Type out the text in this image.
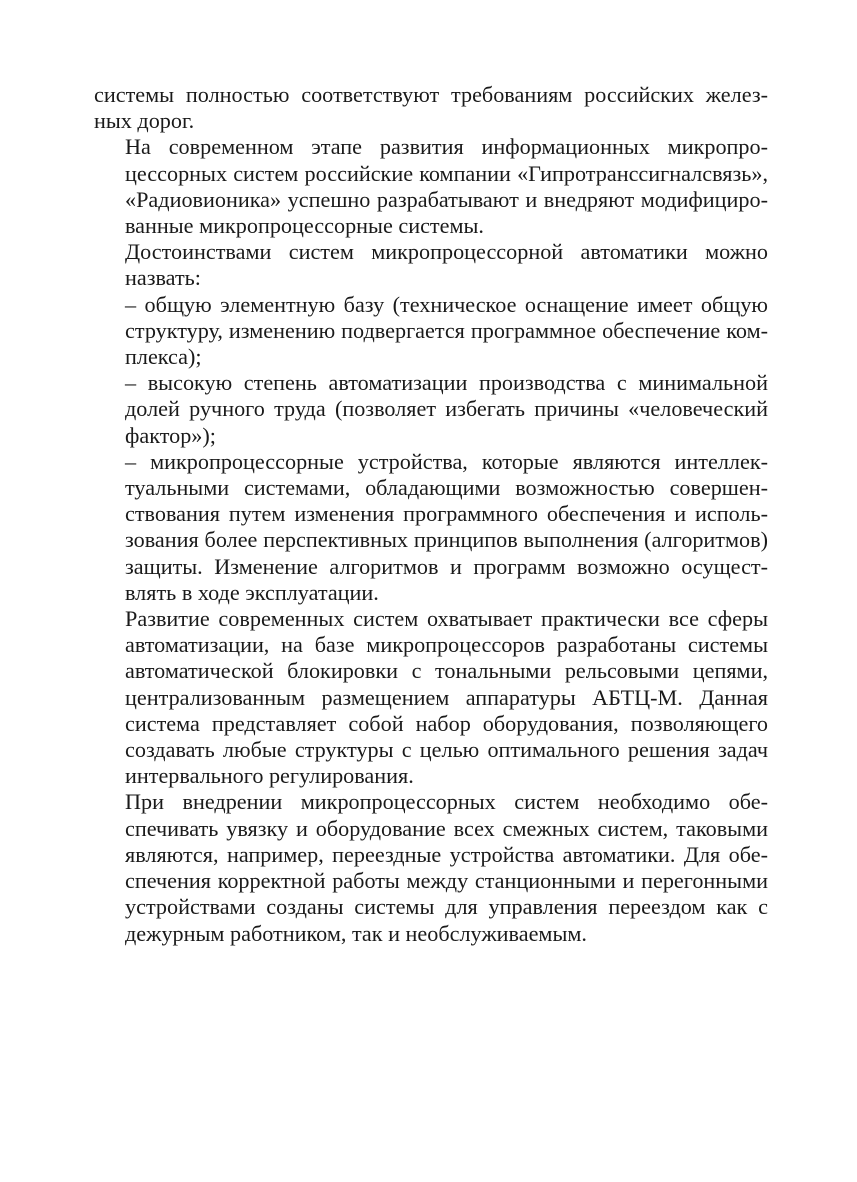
системы полностью соответствуют требованиям российских желез-
ных дорог.

На современном этапе развития информационных микропро-
цессорных систем российские компании «Гипротранссигналсвязь»,
«Радиовионика» успешно разрабатывают и внедряют модифициро-
ванные микропроцессорные системы.

Достоинствами систем микропроцессорной автоматики можно
назвать:

– общую элементную базу (техническое оснащение имеет общую
структуру, изменению подвергается программное обеспечение ком-
плекса);

– высокую степень автоматизации производства с минимальной
долей ручного труда (позволяет избегать причины «человеческий
фактор»);

– микропроцессорные устройства, которые являются интеллек-
туальными системами, обладающими возможностью совершен-
ствования путем изменения программного обеспечения и исполь-
зования более перспективных принципов выполнения (алгоритмов)
защиты. Изменение алгоритмов и программ возможно осущест-
влять в ходе эксплуатации.

Развитие современных систем охватывает практически все сферы
автоматизации, на базе микропроцессоров разработаны системы
автоматической блокировки с тональными рельсовыми цепями,
централизованным размещением аппаратуры АБТЦ-М. Данная
система представляет собой набор оборудования, позволяющего
создавать любые структуры с целью оптимального решения задач
интервального регулирования.

При внедрении микропроцессорных систем необходимо обе-
спечивать увязку и оборудование всех смежных систем, таковыми
являются, например, переездные устройства автоматики. Для обе-
спечения корректной работы между станционными и перегонными
устройствами созданы системы для управления переездом как с
дежурным работником, так и необслуживаемым.
